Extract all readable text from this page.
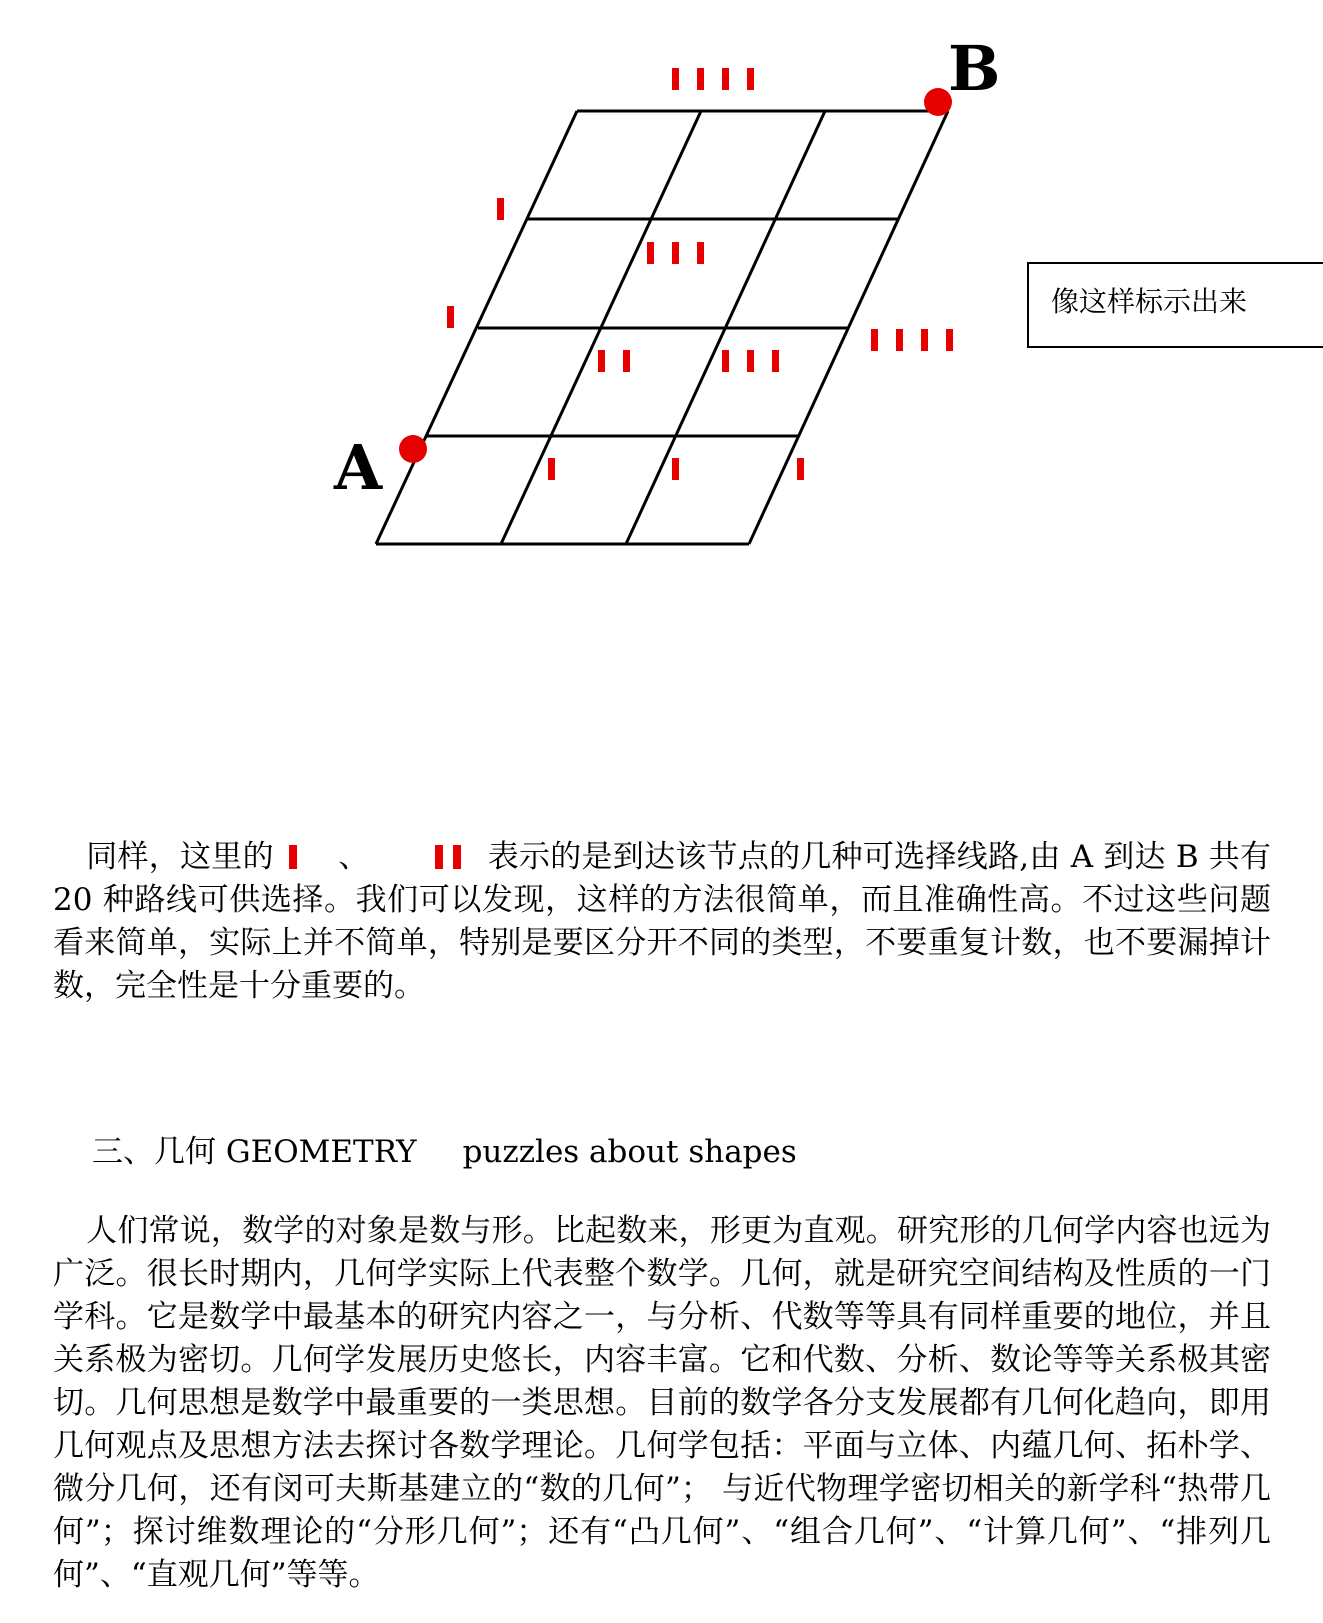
A
B
像这样标示出来

同样，这里的 、	表示的是到达该节点的几种可选择线路,由 A 到达 B 共有 20 种路线可供选择。我们可以发现，这样的方法很简单，而且准确性高。不过这些问题看来简单，实际上并不简单，特别是要区分开不同的类型，不要重复计数，也不要漏掉计数，完全性是十分重要的。

三、几何 GEOMETRY puzzles about shapes

人们常说，数学的对象是数与形。比起数来，形更为直观。研究形的几何学内容也远为广泛。很长时期内，几何学实际上代表整个数学。几何，就是研究空间结构及性质的一门学科。它是数学中最基本的研究内容之一，与分析、代数等等具有同样重要的地位，并且关系极为密切。几何学发展历史悠长，内容丰富。它和代数、分析、数论等等关系极其密切。几何思想是数学中最重要的一类思想。目前的数学各分支发展都有几何化趋向，即用几何观点及思想方法去探讨各数学理论。几何学包括：平面与立体、内蕴几何、拓朴学、微分几何，还有闵可夫斯基建立的“数的几何”； 与近代物理学密切相关的新学科“热带几何”；探讨维数理论的“分形几何”；还有“凸几何”、“组合几何”、“计算几何”、“排列几何”、“直观几何”等等。
